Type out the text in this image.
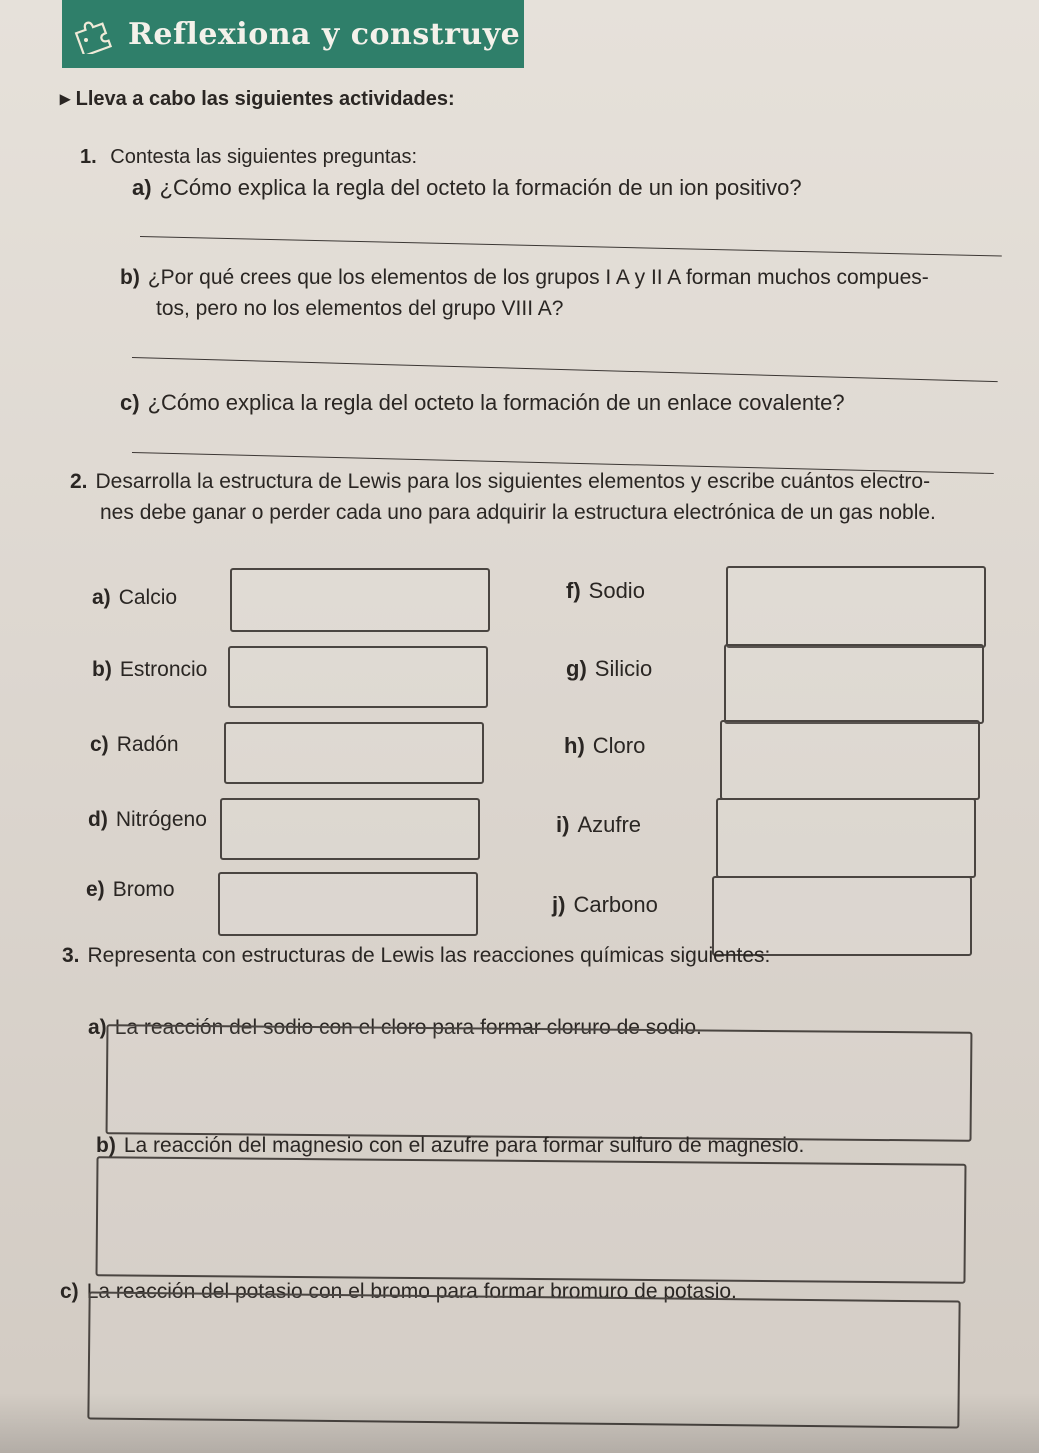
Reflexiona y construye
▸ Lleva a cabo las siguientes actividades:
1. Contesta las siguientes preguntas:
a) ¿Cómo explica la regla del octeto la formación de un ion positivo?
b) ¿Por qué crees que los elementos de los grupos I A y II A forman muchos compues-
tos, pero no los elementos del grupo VIII A?
c) ¿Cómo explica la regla del octeto la formación de un enlace covalente?
2. Desarrolla la estructura de Lewis para los siguientes elementos y escribe cuántos electro-
nes debe ganar o perder cada uno para adquirir la estructura electrónica de un gas noble.
a) Calcio
b) Estroncio
c) Radón
d) Nitrógeno
e) Bromo
f) Sodio
g) Silicio
h) Cloro
i) Azufre
j) Carbono
3. Representa con estructuras de Lewis las reacciones químicas siguientes:
a) La reacción del sodio con el cloro para formar cloruro de sodio.
b) La reacción del magnesio con el azufre para formar sulfuro de magnesio.
c) La reacción del potasio con el bromo para formar bromuro de potasio.
